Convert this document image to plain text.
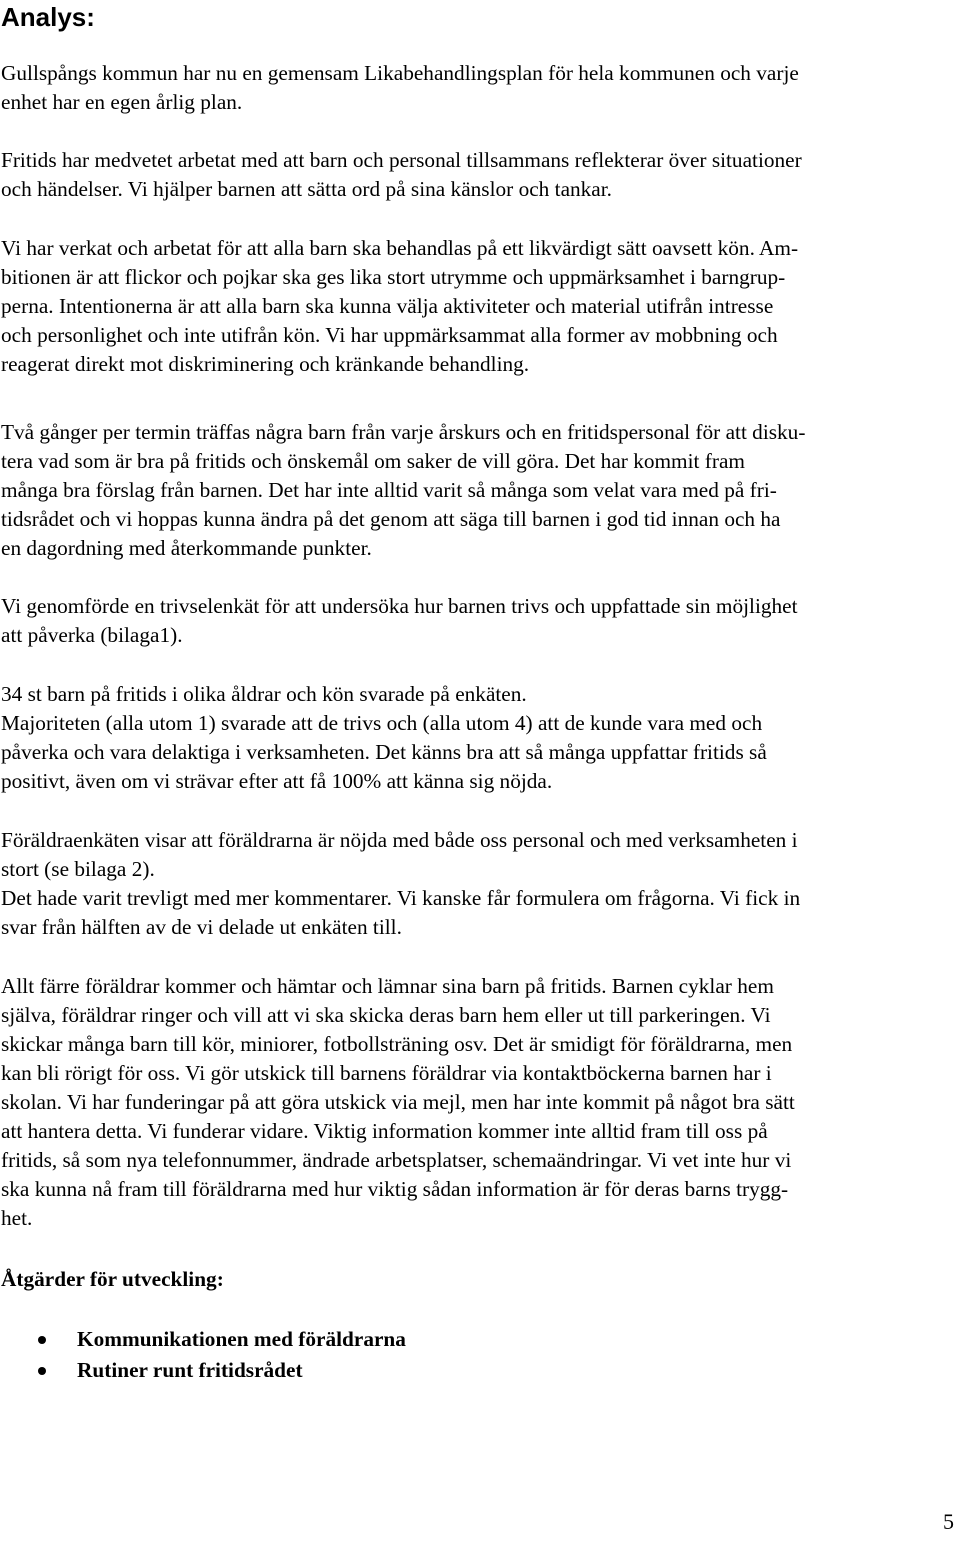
Analys:

Gullspångs kommun har nu en gemensam Likabehandlingsplan för hela kommunen och varje
enhet har en egen årlig plan.

Fritids har medvetet arbetat med att barn och personal tillsammans reflekterar över situationer
och händelser. Vi hjälper barnen att sätta ord på sina känslor och tankar.

Vi har verkat och arbetat för att alla barn ska behandlas på ett likvärdigt sätt oavsett kön. Am-
bitionen är att flickor och pojkar ska ges lika stort utrymme och uppmärksamhet i barngrup-
perna. Intentionerna är att alla barn ska kunna välja aktiviteter och material utifrån intresse
och personlighet och inte utifrån kön. Vi har uppmärksammat alla former av mobbning och
reagerat direkt mot diskriminering och kränkande behandling.

Två gånger per termin träffas några barn från varje årskurs och en fritidspersonal för att disku-
tera vad som är bra på fritids och önskemål om saker de vill göra. Det har kommit fram
många bra förslag från barnen. Det har inte alltid varit så många som velat vara med på fri-
tidsrådet och vi hoppas kunna ändra på det genom att säga till barnen i god tid innan och ha
en dagordning med återkommande punkter.

Vi genomförde en trivselenkät för att undersöka hur barnen trivs och uppfattade sin möjlighet
att påverka (bilaga1).

34 st barn på fritids i olika åldrar och kön svarade på enkäten.
Majoriteten (alla utom 1) svarade att de trivs och (alla utom 4) att de kunde vara med och
påverka och vara delaktiga i verksamheten. Det känns bra att så många uppfattar fritids så
positivt, även om vi strävar efter att få 100% att känna sig nöjda.

Föräldraenkäten visar att föräldrarna är nöjda med både oss personal och med verksamheten i
stort (se bilaga 2).
Det hade varit trevligt med mer kommentarer. Vi kanske får formulera om frågorna. Vi fick in
svar från hälften av de vi delade ut enkäten till.

Allt färre föräldrar kommer och hämtar och lämnar sina barn på fritids. Barnen cyklar hem
själva, föräldrar ringer och vill att vi ska skicka deras barn hem eller ut till parkeringen. Vi
skickar många barn till kör, miniorer, fotbollsträning osv. Det är smidigt för föräldrarna, men
kan bli rörigt för oss. Vi gör utskick till barnens föräldrar via kontaktböckerna barnen har i
skolan. Vi har funderingar på att göra utskick via mejl, men har inte kommit på något bra sätt
att hantera detta. Vi funderar vidare. Viktig information kommer inte alltid fram till oss på
fritids, så som nya telefonnummer, ändrade arbetsplatser, schemaändringar. Vi vet inte hur vi
ska kunna nå fram till föräldrarna med hur viktig sådan information är för deras barns trygg-
het.

Åtgärder för utveckling:
Kommunikationen med föräldrarna
Rutiner runt fritidsrådet
5
